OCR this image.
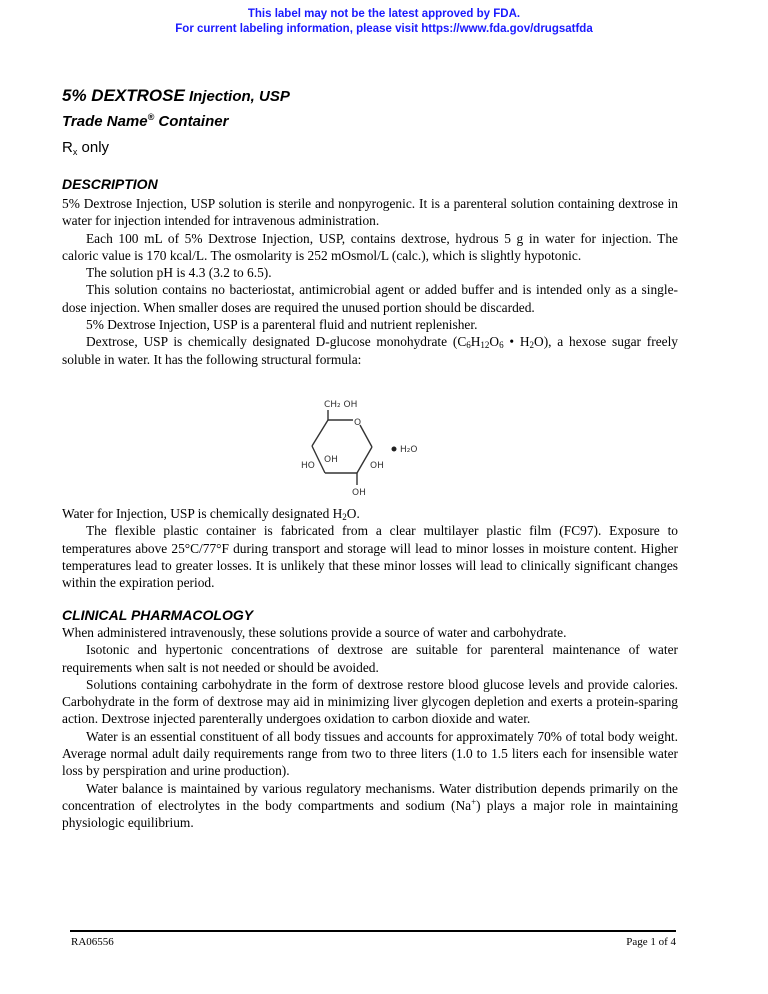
This label may not be the latest approved by FDA.
For current labeling information, please visit https://www.fda.gov/drugsatfda
5% DEXTROSE Injection, USP
Trade Name® Container
$R_x$ only
DESCRIPTION

5% Dextrose Injection, USP solution is sterile and nonpyrogenic. It is a parenteral solution containing dextrose in water for injection intended for intravenous administration.

Each 100 mL of 5% Dextrose Injection, USP, contains dextrose, hydrous 5 g in water for injection. The caloric value is 170 kcal/L. The osmolarity is 252 mOsmol/L (calc.), which is slightly hypotonic.

The solution pH is 4.3 (3.2 to 6.5).

This solution contains no bacteriostat, antimicrobial agent or added buffer and is intended only as a single-dose injection. When smaller doses are required the unused portion should be discarded.

5% Dextrose Injection, USP is a parenteral fluid and nutrient replenisher.

Dextrose, USP is chemically designated D-glucose monohydrate ($C_6H_{12}O_6$ • $H_2O$), a hexose sugar freely soluble in water. It has the following structural formula:

Water for Injection, USP is chemically designated $H_2O$.

The flexible plastic container is fabricated from a clear multilayer plastic film (FC97). Exposure to temperatures above 25°C/77°F during transport and storage will lead to minor losses in moisture content. Higher temperatures lead to greater losses. It is unlikely that these minor losses will lead to clinically significant changes within the expiration period.

CLINICAL PHARMACOLOGY

When administered intravenously, these solutions provide a source of water and carbohydrate.

Isotonic and hypertonic concentrations of dextrose are suitable for parenteral maintenance of water requirements when salt is not needed or should be avoided.

Solutions containing carbohydrate in the form of dextrose restore blood glucose levels and provide calories. Carbohydrate in the form of dextrose may aid in minimizing liver glycogen depletion and exerts a protein-sparing action. Dextrose injected parenterally undergoes oxidation to carbon dioxide and water.

Water is an essential constituent of all body tissues and accounts for approximately 70% of total body weight. Average normal adult daily requirements range from two to three liters (1.0 to 1.5 liters each for insensible water loss by perspiration and urine production).

Water balance is maintained by various regulatory mechanisms. Water distribution depends primarily on the concentration of electrolytes in the body compartments and sodium (Na+) plays a major role in maintaining physiologic equilibrium.

CH₂ OH
O
HO
OH
OH
OH
H₂O
RA06556	Page 1 of 4
